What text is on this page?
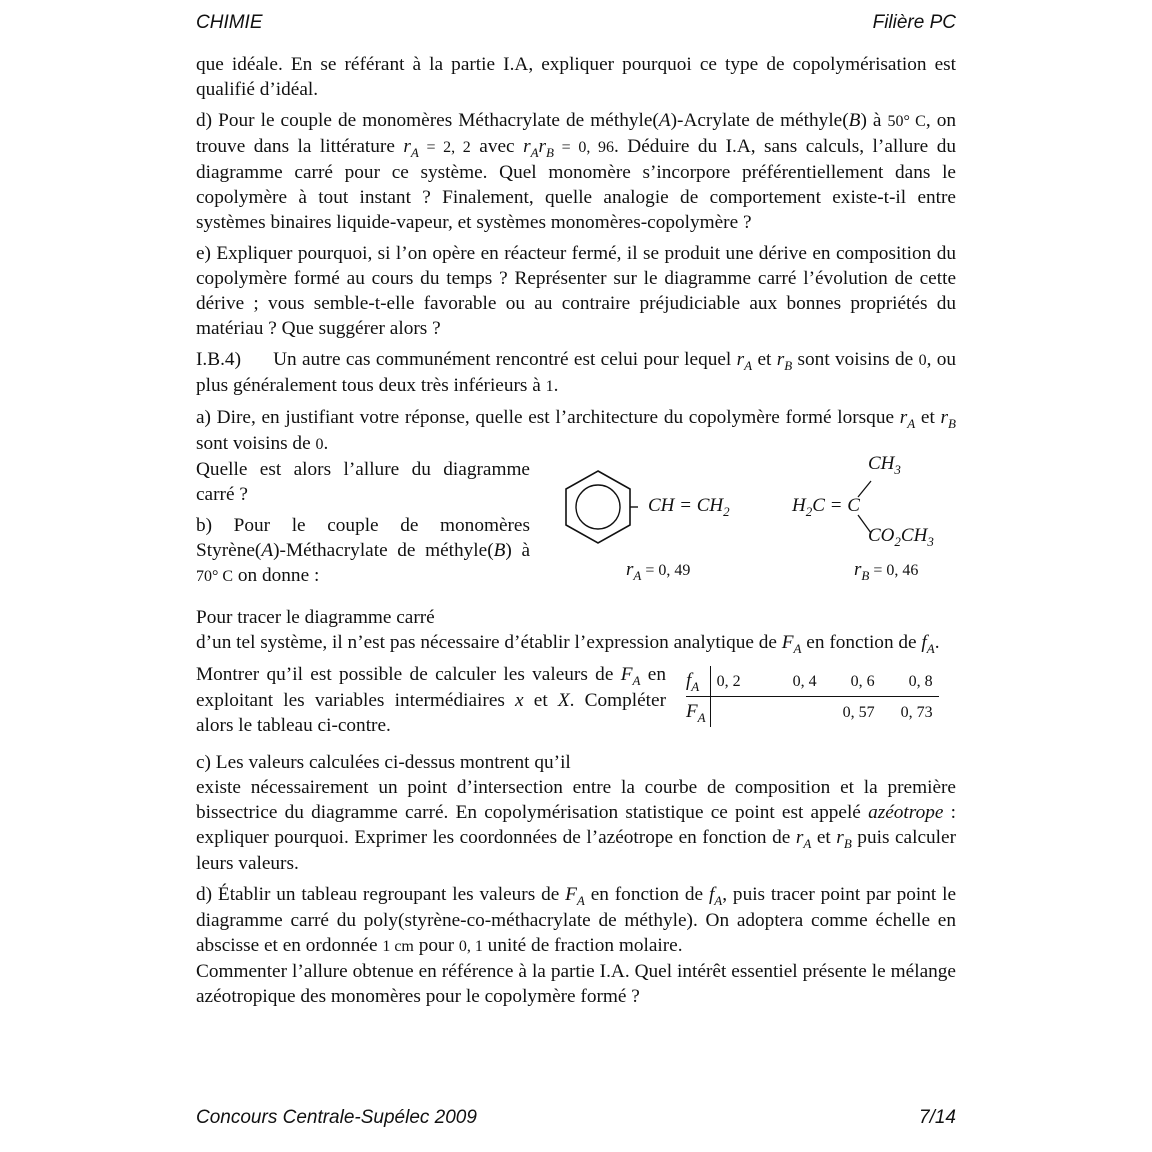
CHIMIE	Filière PC

que idéale. En se référant à la partie I.A, expliquer pourquoi ce type de copolymérisation est qualifié d’idéal.

d) Pour le couple de monomères Méthacrylate de méthyle(A)-Acrylate de méthyle(B) à 50° C, on trouve dans la littérature $r_A = 2$, 2 avec $r_Ar_B = 0$, 96. Déduire du I.A, sans calculs, l’allure du diagramme carré pour ce système. Quel monomère s’incorpore préférentiellement dans le copolymère à tout instant ? Finalement, quelle analogie de comportement existe-t-il entre systèmes binaires liquide-vapeur, et systèmes monomères-copolymère ?

e) Expliquer pourquoi, si l’on opère en réacteur fermé, il se produit une dérive en composition du copolymère formé au cours du temps ? Représenter sur le diagramme carré l’évolution de cette dérive ; vous semble-t-elle favorable ou au contraire préjudiciable aux bonnes propriétés du matériau ? Que suggérer alors ?

I.B.4) Un autre cas communément rencontré est celui pour lequel $r_A$ et $r_B$ sont voisins de 0, ou plus généralement tous deux très inférieurs à 1.

a) Dire, en justifiant votre réponse, quelle est l’architecture du copolymère formé lorsque $r_A$ et $r_B$ sont voisins de 0.

Quelle est alors l’allure du diagramme carré ?

b) Pour le couple de monomères Styrène(A)-Méthacrylate de méthyle(B) à 70° C on donne :

CH = $CH_2$
$r_A = 0$, 49
$CH_3$
$H_2C = C$
$CO_2CH_3$
$r_B = 0$, 46

Pour tracer le diagramme carré

d’un tel système, il n’est pas nécessaire d’établir l’expression analytique de $F_A$ en fonction de $f_A$.

Montrer qu’il est possible de calculer les valeurs de $F_A$ en exploitant les variables intermédiaires x et X. Compléter alors le tableau ci-contre.

$f_A$	0, 2	0, 4	0, 6	0, 8
$F_A$			0, 57	0, 73

c) Les valeurs calculées ci-dessus montrent qu’il

existe nécessairement un point d’intersection entre la courbe de composition et la première bissectrice du diagramme carré. En copolymérisation statistique ce point est appelé azéotrope : expliquer pourquoi. Exprimer les coordonnées de l’azéotrope en fonction de $r_A$ et $r_B$ puis calculer leurs valeurs.

d) Établir un tableau regroupant les valeurs de $F_A$ en fonction de $f_A$, puis tracer point par point le diagramme carré du poly(styrène-co-méthacrylate de méthyle). On adoptera comme échelle en abscisse et en ordonnée 1 cm pour 0, 1 unité de fraction molaire.

Commenter l’allure obtenue en référence à la partie I.A. Quel intérêt essentiel présente le mélange azéotropique des monomères pour le copolymère formé ?

Concours Centrale-Supélec 2009	7/14
